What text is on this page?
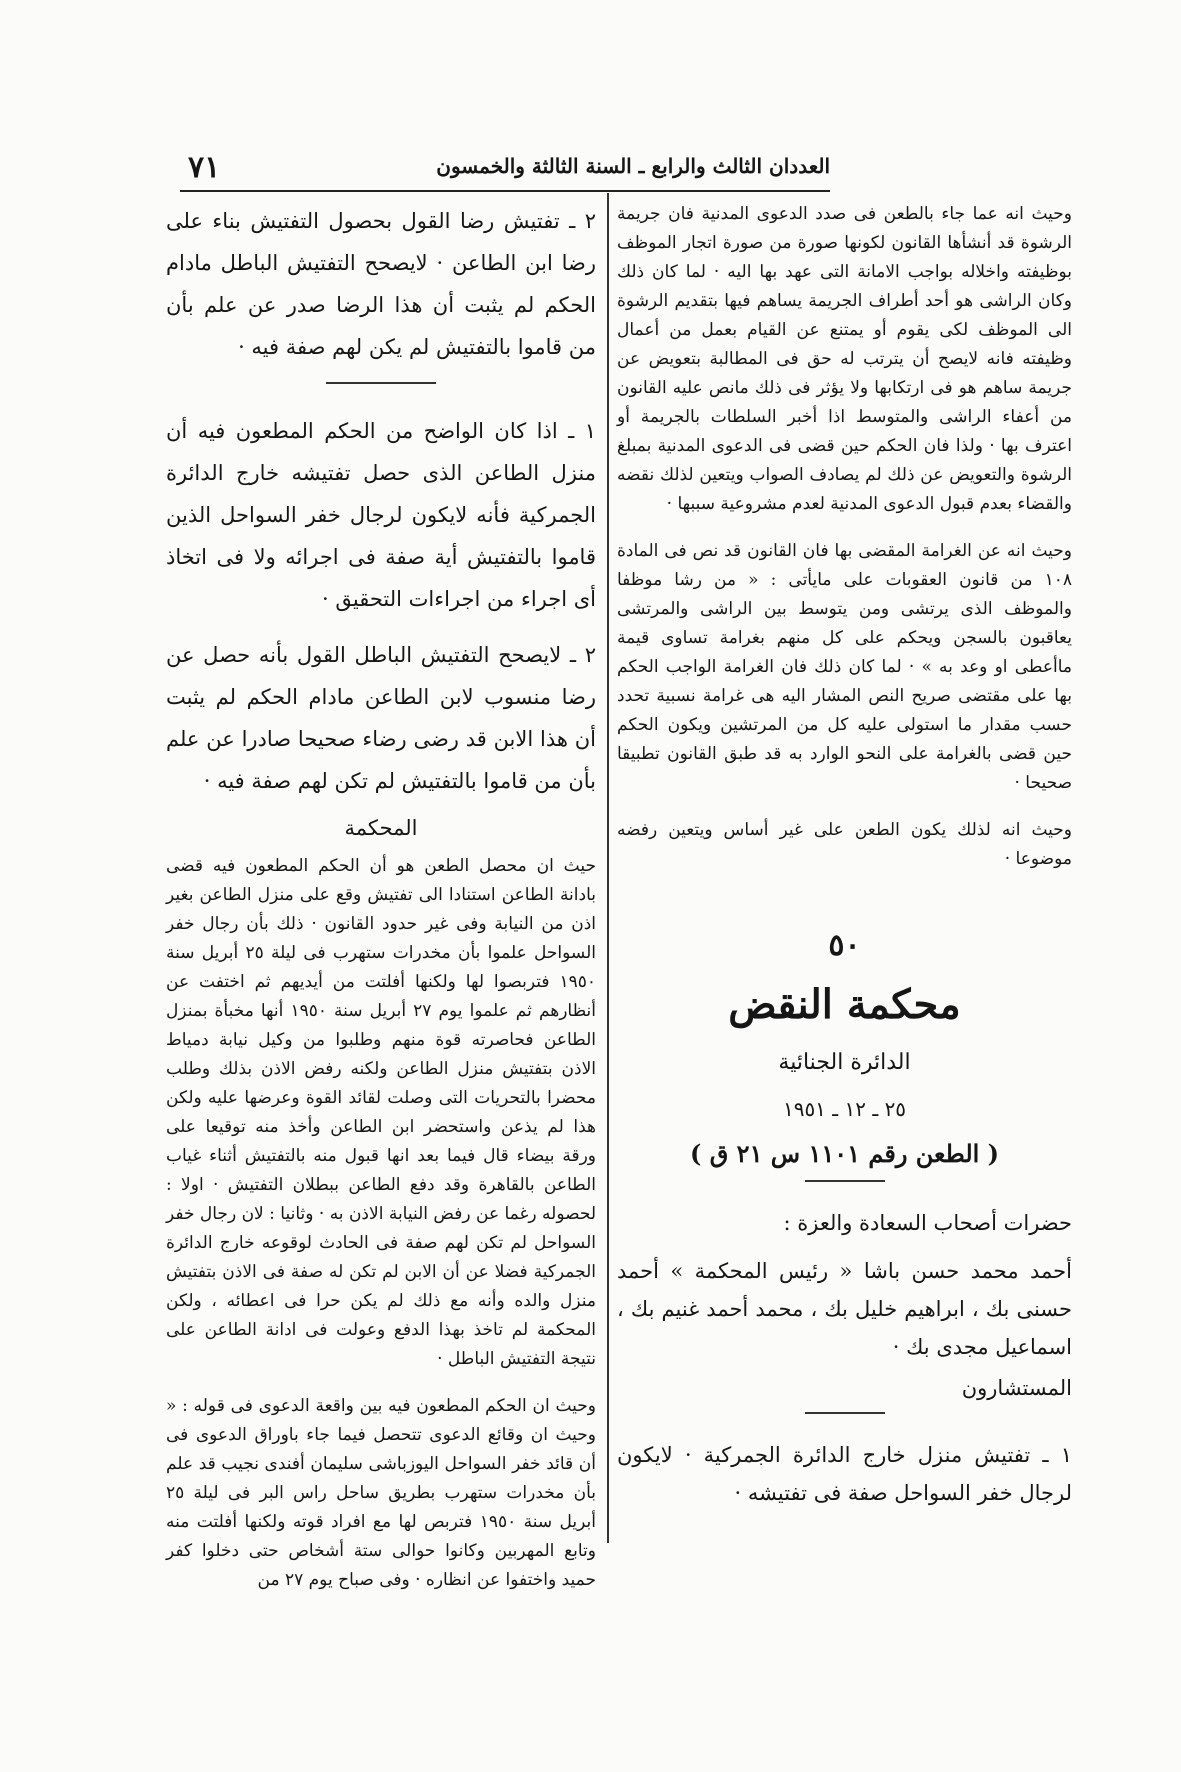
٧١	العددان الثالث والرابع ـ السنة الثالثة والخمسون

وحيث انه عما جاء بالطعن فى صدد الدعوى المدنية فان جريمة الرشوة قد أنشأها القانون لكونها صورة من صورة اتجار الموظف بوظيفته واخلاله بواجب الامانة التى عهد بها اليه · لما كان ذلك وكان الراشى هو أحد أطراف الجريمة يساهم فيها بتقديم الرشوة الى الموظف لكى يقوم أو يمتنع عن القيام بعمل من أعمال وظيفته فانه لايصح أن يترتب له حق فى المطالبة بتعويض عن جريمة ساهم هو فى ارتكابها ولا يؤثر فى ذلك مانص عليه القانون من أعفاء الراشى والمتوسط اذا أخبر السلطات بالجريمة أو اعترف بها · ولذا فان الحكم حين قضى فى الدعوى المدنية بمبلغ الرشوة والتعويض عن ذلك لم يصادف الصواب ويتعين لذلك نقضه والقضاء بعدم قبول الدعوى المدنية لعدم مشروعية سببها ·

وحيث انه عن الغرامة المقضى بها فان القانون قد نص فى المادة ١٠٨ من قانون العقوبات على مايأتى : « من رشا موظفا والموظف الذى يرتشى ومن يتوسط بين الراشى والمرتشى يعاقبون بالسجن ويحكم على كل منهم بغرامة تساوى قيمة ماأعطى او وعد به » · لما كان ذلك فان الغرامة الواجب الحكم بها على مقتضى صريح النص المشار اليه هى غرامة نسبية تحدد حسب مقدار ما استولى عليه كل من المرتشين ويكون الحكم حين قضى بالغرامة على النحو الوارد به قد طبق القانون تطبيقا صحيحا ·

وحيث انه لذلك يكون الطعن على غير أساس ويتعين رفضه موضوعا ·

٥٠
محكمة النقض
الدائرة الجنائية
٢٥ ـ ١٢ ـ ١٩٥١
( الطعن رقم ١١٠١ س ٢١ ق )

حضرات أصحاب السعادة والعزة :

أحمد محمد حسن باشا « رئيس المحكمة » أحمد حسنى بك ، ابراهيم خليل بك ، محمد أحمد غنيم بك ، اسماعيل مجدى بك ·

المستشارون

١ ـ تفتيش منزل خارج الدائرة الجمركية · لايكون لرجال خفر السواحل صفة فى تفتيشه ·

٢ ـ تفتيش رضا القول بحصول التفتيش بناء على رضا ابن الطاعن · لايصحح التفتيش الباطل مادام الحكم لم يثبت أن هذا الرضا صدر عن علم بأن من قاموا بالتفتيش لم يكن لهم صفة فيه ·

١ ـ اذا كان الواضح من الحكم المطعون فيه أن منزل الطاعن الذى حصل تفتيشه خارج الدائرة الجمركية فأنه لايكون لرجال خفر السواحل الذين قاموا بالتفتيش أية صفة فى اجرائه ولا فى اتخاذ أى اجراء من اجراءات التحقيق ·

٢ ـ لايصحح التفتيش الباطل القول بأنه حصل عن رضا منسوب لابن الطاعن مادام الحكم لم يثبت أن هذا الابن قد رضى رضاء صحيحا صادرا عن علم بأن من قاموا بالتفتيش لم تكن لهم صفة فيه ·

المحكمة

حيث ان محصل الطعن هو أن الحكم المطعون فيه قضى بادانة الطاعن استنادا الى تفتيش وقع على منزل الطاعن بغير اذن من النيابة وفى غير حدود القانون · ذلك بأن رجال خفر السواحل علموا بأن مخدرات ستهرب فى ليلة ٢٥ أبريل سنة ١٩٥٠ فتربصوا لها ولكنها أفلتت من أيديهم ثم اختفت عن أنظارهم ثم علموا يوم ٢٧ أبريل سنة ١٩٥٠ أنها مخبأة بمنزل الطاعن فحاصرته قوة منهم وطلبوا من وكيل نيابة دمياط الاذن بتفتيش منزل الطاعن ولكنه رفض الاذن بذلك وطلب محضرا بالتحريات التى وصلت لقائد القوة وعرضها عليه ولكن هذا لم يذعن واستحضر ابن الطاعن وأخذ منه توقيعا على ورقة بيضاء قال فيما بعد انها قبول منه بالتفتيش أثناء غياب الطاعن بالقاهرة وقد دفع الطاعن ببطلان التفتيش · اولا : لحصوله رغما عن رفض النيابة الاذن به · وثانيا : لان رجال خفر السواحل لم تكن لهم صفة فى الحادث لوقوعه خارج الدائرة الجمركية فضلا عن أن الابن لم تكن له صفة فى الاذن بتفتيش منزل والده وأنه مع ذلك لم يكن حرا فى اعطائه ، ولكن المحكمة لم تاخذ بهذا الدفع وعولت فى ادانة الطاعن على نتيجة التفتيش الباطل ·

وحيث ان الحكم المطعون فيه بين واقعة الدعوى فى قوله : « وحيث ان وقائع الدعوى تتحصل فيما جاء باوراق الدعوى فى أن قائد خفر السواحل اليوزباشى سليمان أفندى نجيب قد علم بأن مخدرات ستهرب بطريق ساحل راس البر فى ليلة ٢٥ أبريل سنة ١٩٥٠ فتربص لها مع افراد قوته ولكنها أفلتت منه وتابع المهربين وكانوا حوالى ستة أشخاص حتى دخلوا كفر حميد واختفوا عن انظاره · وفى صباح يوم ٢٧ من
